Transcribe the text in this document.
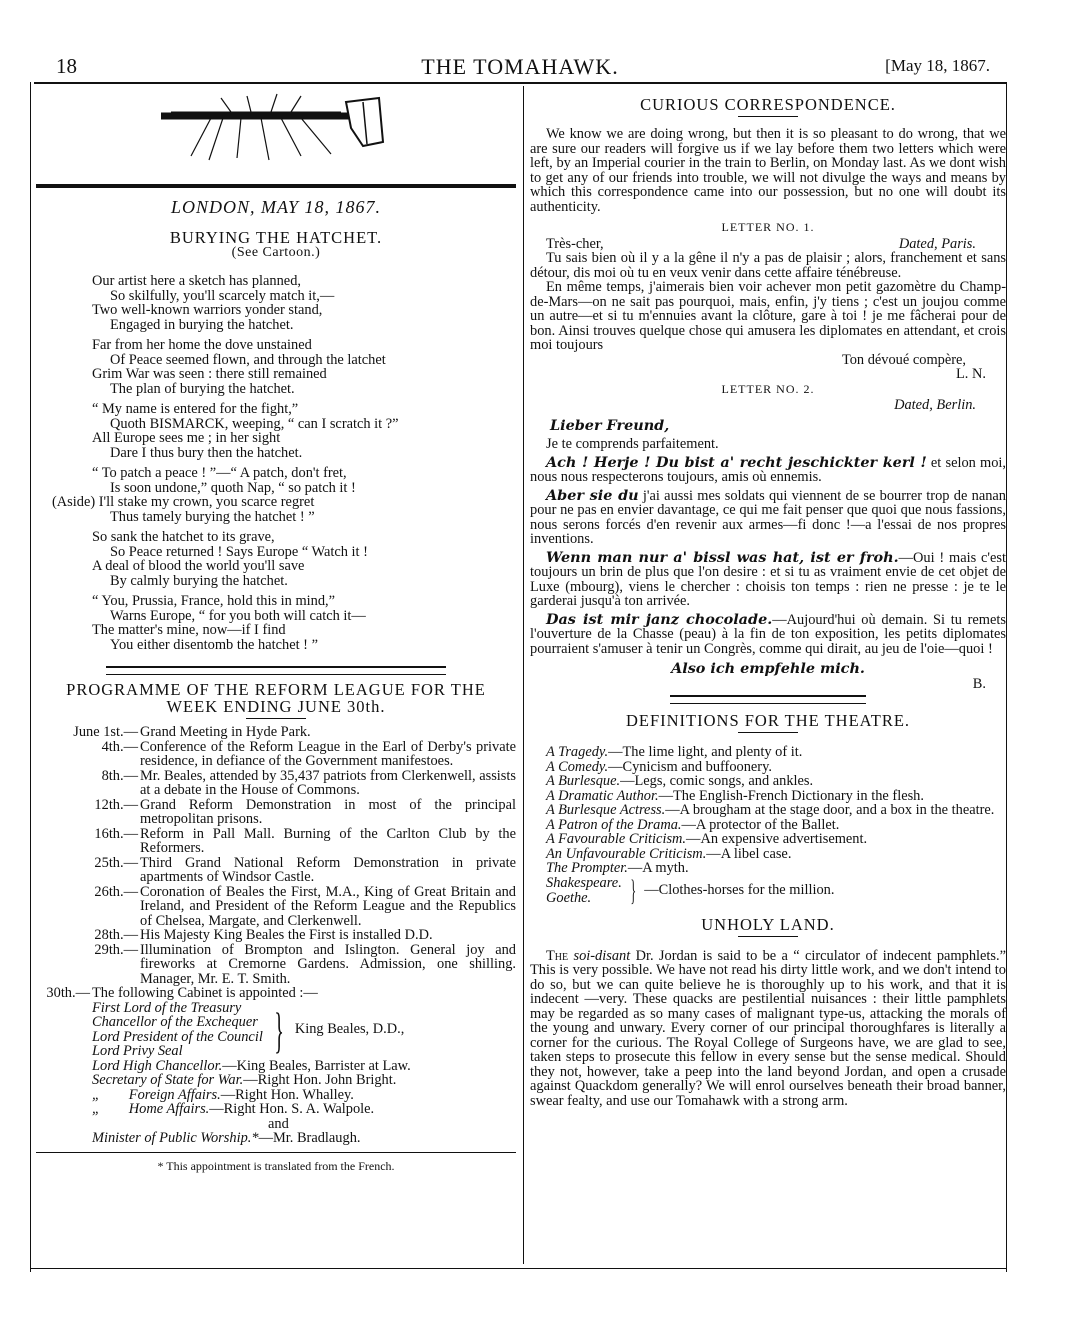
18	THE TOMAHAWK.	[May 18, 1867.
LONDON, MAY 18, 1867.
BURYING THE HATCHET.
(See Cartoon.)

Our artist here a sketch has planned,

So skilfully, you'll scarcely match it,—

Two well-known warriors yonder stand,

Engaged in burying the hatchet.

Far from her home the dove unstained

Of Peace seemed flown, and through the latchet

Grim War was seen : there still remained

The plan of burying the hatchet.

“ My name is entered for the fight,”

Quoth BISMARCK, weeping, “ can I scratch it ?”

All Europe sees me ; in her sight

Dare I thus bury then the hatchet.

“ To patch a peace ! ”—“ A patch, don't fret,

Is soon undone,” quoth Nap, “ so patch it !

(Aside) I'll stake my crown, you scarce regret

Thus tamely burying the hatchet ! ”

So sank the hatchet to its grave,

So Peace returned ! Says Europe “ Watch it !

A deal of blood the world you'll save

By calmly burying the hatchet.

“ You, Prussia, France, hold this in mind,”

Warns Europe, “ for you both will catch it—

The matter's mine, now—if I find

You either disentomb the hatchet ! ”

PROGRAMME OF THE REFORM LEAGUE FOR THE WEEK ENDING JUNE 30th.
June 1st.— Grand Meeting in Hyde Park.
4th.— Conference of the Reform League in the Earl of Derby's private residence, in defiance of the Government manifestoes.
8th.— Mr. Beales, attended by 35,437 patriots from Clerkenwell, assists at a debate in the House of Commons.
12th.— Grand Reform Demonstration in most of the principal metropolitan prisons.
16th.— Reform in Pall Mall. Burning of the Carlton Club by the Reformers.
25th.— Third Grand National Reform Demonstration in private apartments of Windsor Castle.
26th.— Coronation of Beales the First, M.A., King of Great Britain and Ireland, and President of the Reform League and the Republics of Chelsea, Margate, and Clerkenwell.
28th.— His Majesty King Beales the First is installed D.D.
29th.— Illumination of Brompton and Islington. General joy and fireworks at Cremorne Gardens. Admission, one shilling. Manager, Mr. E. T. Smith.
30th.— The following Cabinet is appointed :—
First Lord of the Treasury
Chancellor of the Exchequer
Lord President of the Council
Lord Privy Seal	} King Beales, D.D.,
Lord High Chancellor.—King Beales, Barrister at Law.
Secretary of State for War.—Right Hon. John Bright.
„        Foreign Affairs.—Right Hon. Whalley.
„        Home Affairs.—Right Hon. S. A. Walpole.
and
Minister of Public Worship.*—Mr. Bradlaugh.
* This appointment is translated from the French.
CURIOUS CORRESPONDENCE.

We know we are doing wrong, but then it is so pleasant to do wrong, that we are sure our readers will forgive us if we lay before them two letters which were left, by an Imperial courier in the train to Berlin, on Monday last. As we dont wish to get any of our friends into trouble, we will not divulge the ways and means by which this correspondence came into our possession, but no one will doubt its authenticity.

LETTER NO. 1.
Très-cher,	Dated, Paris.

Tu sais bien où il y a la gêne il n'y a pas de plaisir ; alors, franchement et sans détour, dis moi où tu en veux venir dans cette affaire ténébreuse.

En même temps, j'aimerais bien voir achever mon petit gazomètre du Champ-de-Mars—on ne sait pas pourquoi, mais, enfin, j'y tiens ; c'est un joujou comme un autre—et si tu m'ennuies avant la clôture, gare à toi ! je me fâcherai pour de bon. Ainsi trouves quelque chose qui amusera les diplomates en attendant, et crois moi toujours

Ton dévoué compère,
L. N.
LETTER NO. 2.
Dated, Berlin.
Lieber Freund,

Je te comprends parfaitement.

Ach ! Herje ! Du bist a' recht jeschickter kerl ! et selon moi, nous nous respecterons toujours, amis où ennemis.

Aber sie du j'ai aussi mes soldats qui viennent de se bourrer trop de nanan pour ne pas en envier davantage, ce qui me fait penser que quoi que nous fassions, nous serons forcés d'en revenir aux armes—fi donc !—a l'essai de nos propres inventions.

Wenn man nur a' bissl was hat, ist er froh.—Oui ! mais c'est toujours un brin de plus que l'on desire : et si tu as vraiment envie de cet objet de Luxe (mbourg), viens le chercher : choisis ton temps : rien ne presse : je te le garderai jusqu'à ton arrivée.

Das ist mir janz chocolade.—Aujourd'hui où demain. Si tu remets l'ouverture de la Chasse (peau) à la fin de ton exposition, les petits diplomates pourraient s'amuser à tenir un Congrès, comme qui dirait, au jeu de l'oie—quoi !

Also ich empfehle mich.
B.
DEFINITIONS FOR THE THEATRE.

A Tragedy.—The lime light, and plenty of it.

A Comedy.—Cynicism and buffoonery.

A Burlesque.—Legs, comic songs, and ankles.

A Dramatic Author.—The English-French Dictionary in the flesh.

A Burlesque Actress.—A brougham at the stage door, and a box in the theatre.

A Patron of the Drama.—A protector of the Ballet.

A Favourable Criticism.—An expensive advertisement.

An Unfavourable Criticism.—A libel case.

The Prompter.—A myth.

Shakespeare.
Goethe.	} —Clothes-horses for the million.
UNHOLY LAND.

The soi-disant Dr. Jordan is said to be a “ circulator of indecent pamphlets.” This is very possible. We have not read his dirty little work, and we don't intend to do so, but we can quite believe he is thoroughly up to his work, and that it is indecent —very. These quacks are pestilential nuisances : their little pamphlets may be regarded as so many cases of malignant type-us, attacking the morals of the young and unwary. Every corner of our principal thoroughfares is literally a corner for the curious. The Royal College of Surgeons have, we are glad to see, taken steps to prosecute this fellow in every sense but the sense medical. Should they not, however, take a peep into the land beyond Jordan, and open a crusade against Quackdom generally? We will enrol ourselves beneath their broad banner, swear fealty, and use our Tomahawk with a strong arm.
